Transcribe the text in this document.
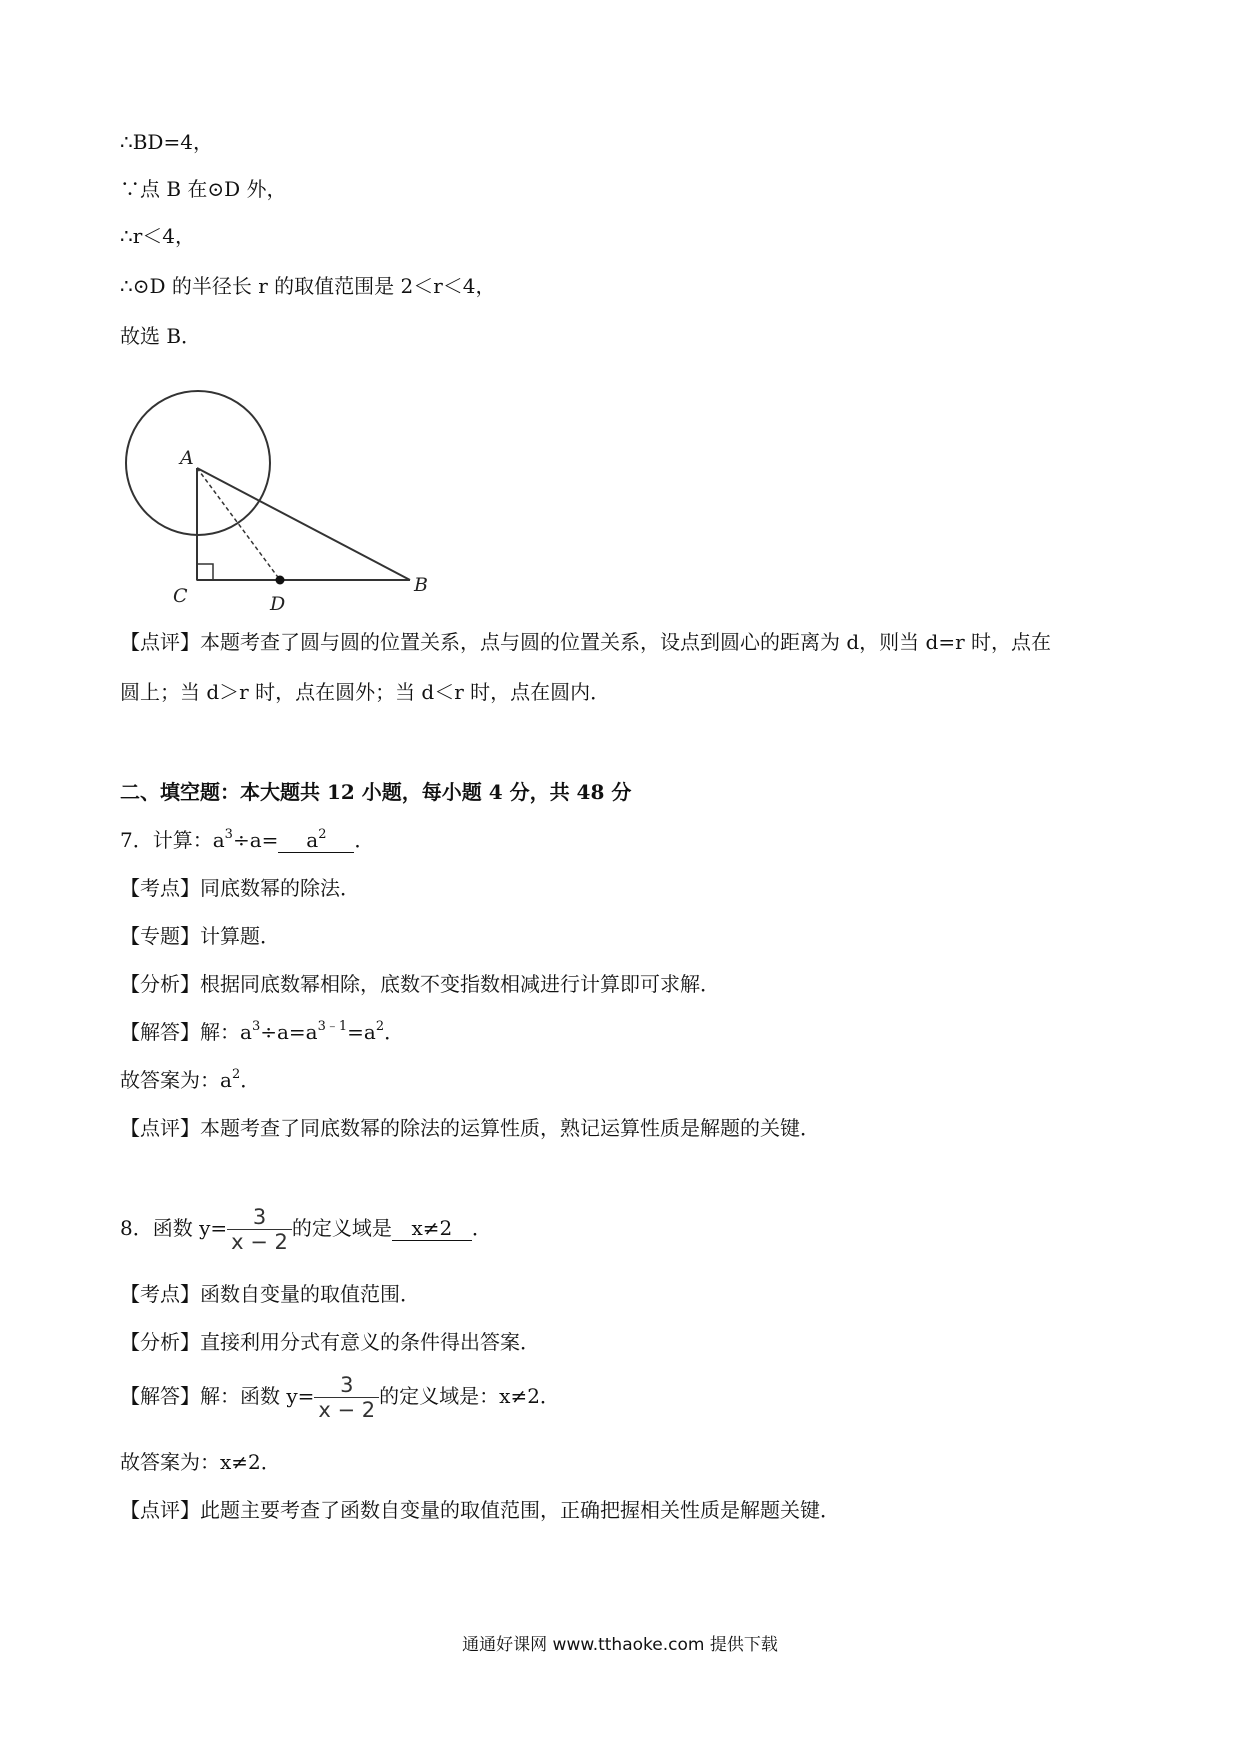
∴BD=4，
∵点 B 在⊙D 外，
∴r＜4，
∴⊙D 的半径长 r 的取值范围是 2＜r＜4，
故选 B．
A
C	D
B
【点评】本题考查了圆与圆的位置关系，点与圆的位置关系，设点到圆心的距离为 d，则当 d=r 时，点在
圆上；当 d＞r 时，点在圆外；当 d＜r 时，点在圆内．
二、填空题：本大题共 12 小题，每小题 4 分，共 48 分
7．计算：$a^3\div a= a^2$ ．
【考点】同底数幂的除法．
【专题】计算题．
【分析】根据同底数幂相除，底数不变指数相减进行计算即可求解．
【解答】解：$a^3\div a=a^{3﹣1}=a^2$．
故答案为：$a^2$．
【点评】本题考查了同底数幂的除法的运算性质，熟记运算性质是解题的关键．
8．函数 $y= \frac{3}{x - 2}$ 的定义域是 x≠2 ．
【考点】函数自变量的取值范围．
【分析】直接利用分式有意义的条件得出答案．
【解答】解：函数 $y= \frac{3}{x - 2}$ 的定义域是：x≠2．
故答案为：x≠2．
【点评】此题主要考查了函数自变量的取值范围，正确把握相关性质是解题关键．
通通好课网 www.tthaoke.com 提供下载
